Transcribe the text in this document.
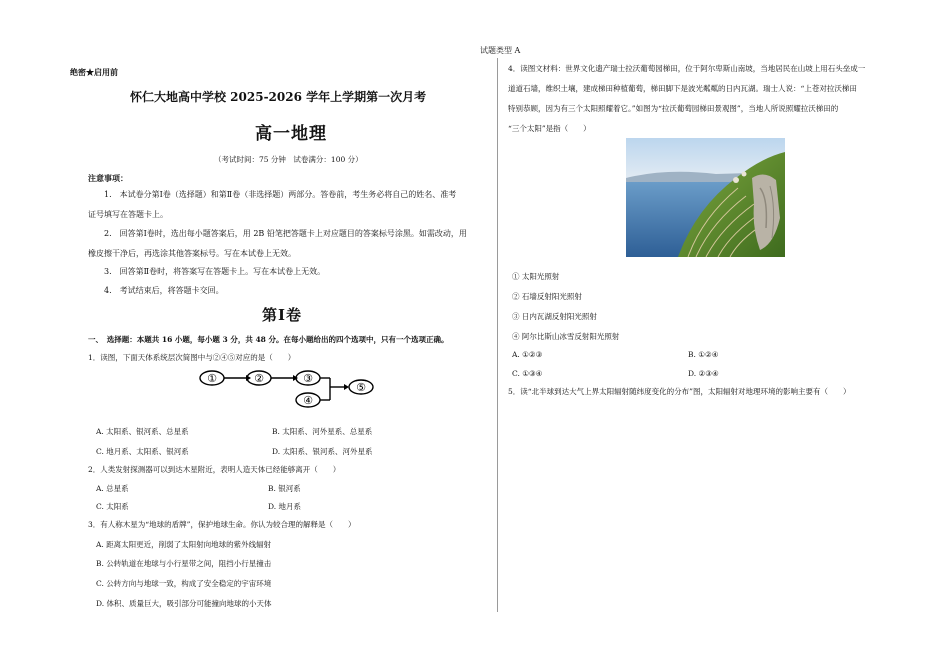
试题类型 A
绝密★启用前
怀仁大地高中学校 2025-2026 学年上学期第一次月考
高一地理
（考试时间：75 分钟　试卷满分：100 分）
注意事项：
1.　本试卷分第Ⅰ卷（选择题）和第Ⅱ卷（非选择题）两部分。答卷前，考生务必将自己的姓名、准考
证号填写在答题卡上。
2.　回答第Ⅰ卷时，选出每小题答案后，用 2B 铅笔把答题卡上对应题目的答案标号涂黑。如需改动，用
橡皮擦干净后，再选涂其他答案标号。写在本试卷上无效。
3.　回答第Ⅱ卷时，将答案写在答题卡上。写在本试卷上无效。
4.　考试结束后，将答题卡交回。
第Ⅰ卷
一、　选择题：本题共 16 小题，每小题 3 分，共 48 分。在每小题给出的四个选项中，只有一个选项正确。
1．读图，下面天体系统层次简图中与②④⑤对应的是（　　）
①	②	③
④
⑤
A. 太阳系、银河系、总星系	B. 太阳系、河外星系、总星系
C. 地月系、太阳系、银河系	D. 太阳系、银河系、河外星系
2．人类发射探测器可以到达木星附近，表明人造天体已经能够离开（　　）
A. 总星系	B. 银河系
C. 太阳系	D. 地月系
3．有人称木星为“地球的盾牌”，保护地球生命。你认为较合理的解释是（　　）
A. 距离太阳更近，削弱了太阳射向地球的紫外线辐射
B. 公转轨道在地球与小行星带之间，阻挡小行星撞击
C. 公转方向与地球一致，构成了安全稳定的宇宙环境
D. 体积、质量巨大，吸引部分可能撞向地球的小天体
4．读图文材料：世界文化遗产瑞士拉沃葡萄园梯田，位于阿尔卑斯山南坡，当地居民在山坡上用石头垒成一
道道石墙，维织土壤，建成梯田种植葡萄，梯田脚下是波光粼粼的日内瓦湖。瑞士人说：“上苍对拉沃梯田
特别恭顾，因为有三个太阳照耀着它。”如图为“拉沃葡萄园梯田景观图”，当地人所说照耀拉沃梯田的
“三个太阳”是指（　　）
① 太阳光照射
② 石墙反射阳光照射
③ 日内瓦湖反射阳光照射
④ 阿尔比斯山冰雪反射阳光照射
A. ①②③	B. ①②④
C. ①③④	D. ②③④
5．读“北半球到达大气上界太阳辐射随纬度变化的分布”图，太阳辐射对地理环境的影响主要有（　　）
